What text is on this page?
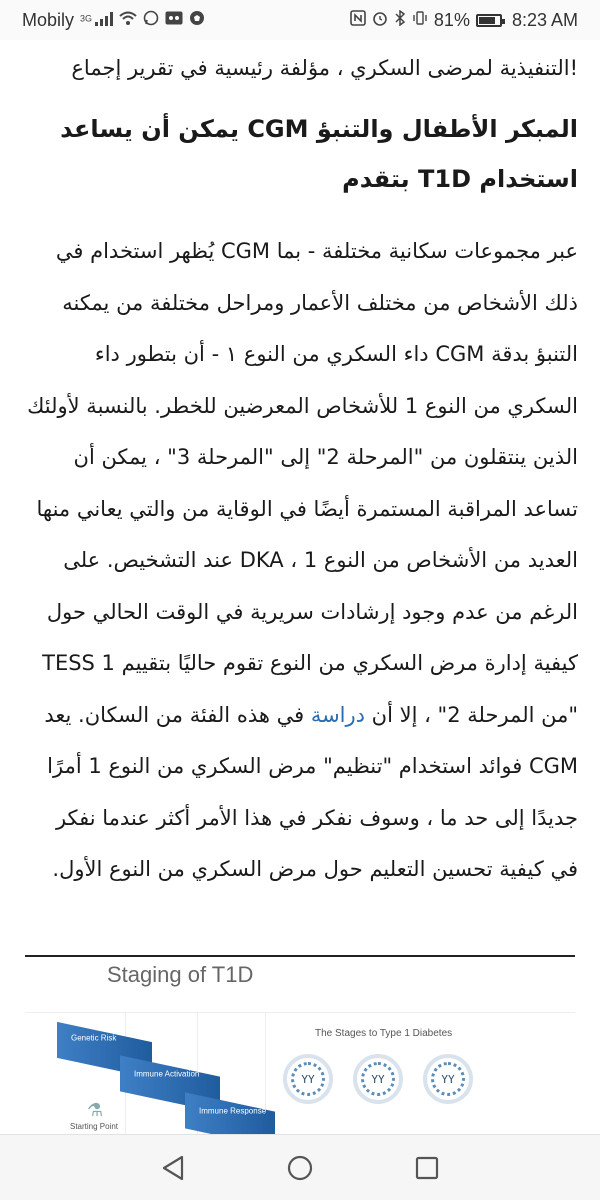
Mobily $^{3G}$	81% 8:23 AM

!التنفيذية لمرضى السكري ، مؤلفة رئيسية في تقرير إجماع

المبكر الأطفال والتنبؤ CGM يمكن أن يساعد استخدام T1D بتقدم

عبر مجموعات سكانية مختلفة - بما CGM يُظهر استخدام في ذلك الأشخاص من مختلف الأعمار ومراحل مختلفة من يمكنه التنبؤ بدقة CGM داء السكري من النوع ١ - أن بتطور داء السكري من النوع 1 للأشخاص المعرضين للخطر. بالنسبة لأولئك الذين ينتقلون من "المرحلة 2" إلى "المرحلة 3" ، يمكن أن تساعد المراقبة المستمرة أيضًا في الوقاية من والتي يعاني منها العديد من الأشخاص من النوع 1 ، DKA عند التشخيص. على الرغم من عدم وجود إرشادات سريرية في الوقت الحالي حول كيفية إدارة مرض السكري من النوع تقوم حاليًا بتقييم TESS 1 "من المرحلة 2" ، إلا أن دراسة في هذه الفئة من السكان. يعد CGM فوائد استخدام "تنظيم" مرض السكري من النوع 1 أمرًا جديدًا إلى حد ما ، وسوف نفكر في هذا الأمر أكثر عندما نفكر في كيفية تحسين التعليم حول مرض السكري من النوع الأول.

Staging of T1D
Genetic Risk
Immune Activation
Immune Response
⚗
Starting Point
The Stages to Type 1 Diabetes
YY	YY	YY
